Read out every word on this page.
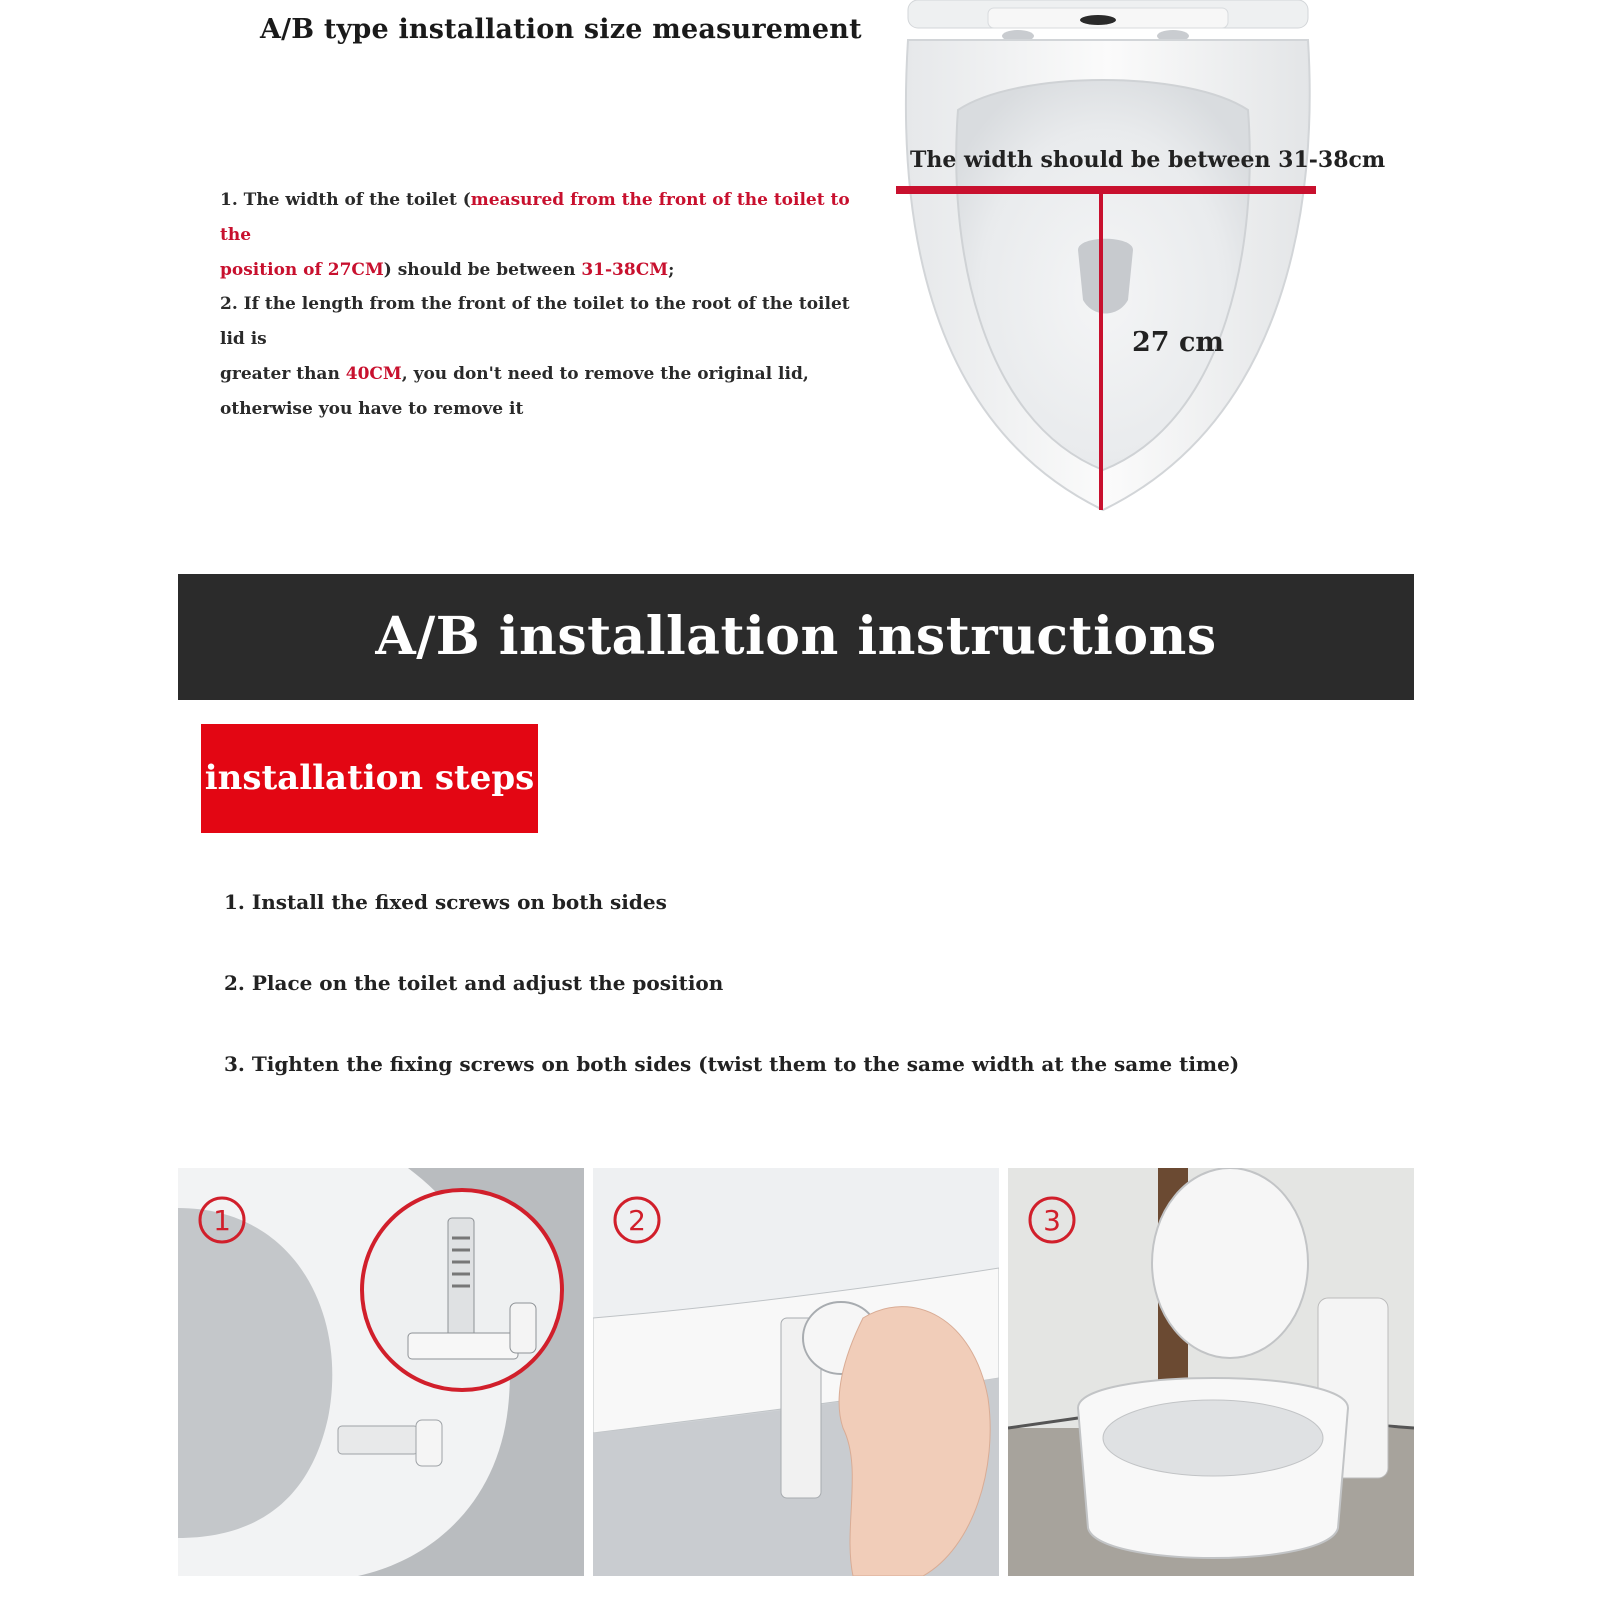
A/B type installation size measurement
1. The width of the toilet (measured from the front of the toilet to the
position of 27CM) should be between 31-38CM;
2. If the length from the front of the toilet to the root of the toilet lid is
greater than 40CM, you don't need to remove the original lid,
otherwise you have to remove it
The width should be between 31-38cm
27 cm
A/B installation instructions
installation steps
1. Install the fixed screws on both sides
2. Place on the toilet and adjust the position
3. Tighten the fixing screws on both sides (twist them to the same width at the same time)
1	2	3
